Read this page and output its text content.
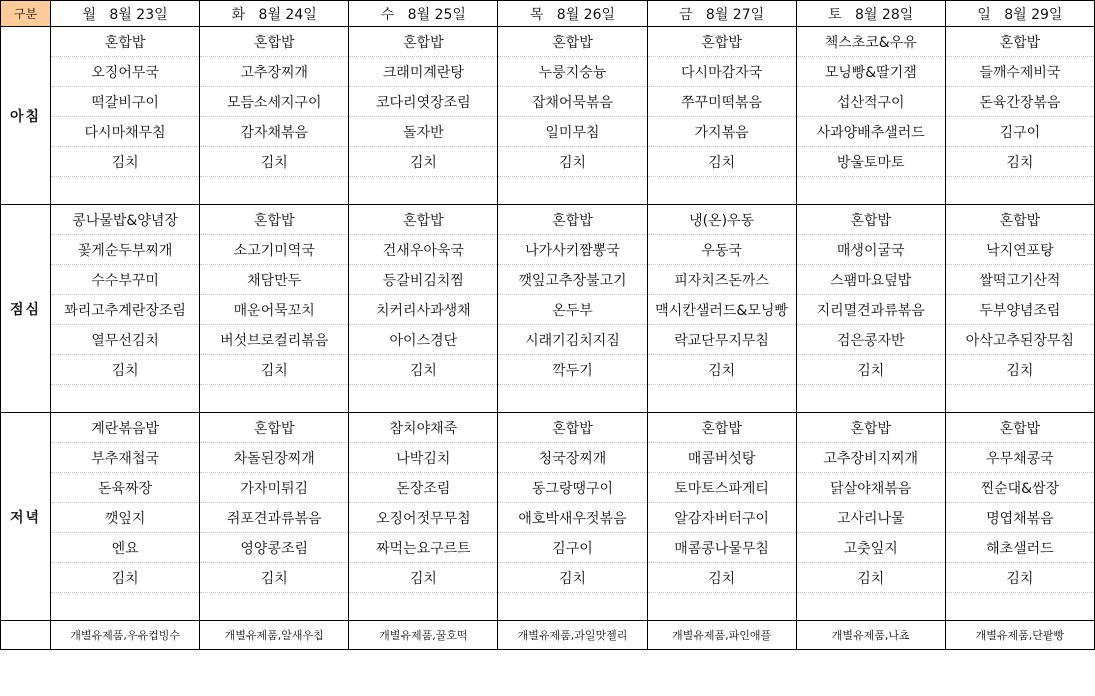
구분	월 8월 23일	화 8월 24일	수 8월 25일	목 8월 26일	금 8월 27일	토 8월 28일	일 8월 29일
아침	혼합밥	혼합밥	혼합밥	혼합밥	혼합밥	첵스초코&우유	혼합밥
	오징어무국	고추장찌개	크래미계란탕	누룽지숭늉	다시마감자국	모닝빵&딸기잼	들깨수제비국
	떡갈비구이	모듬소세지구이	코다리엿장조림	잡채어묵볶음	쭈꾸미떡볶음	섭산적구이	돈육간장볶음
	다시마채무침	감자채볶음	돌자반	일미무침	가지볶음	사과양배추샐러드	김구이
	김치	김치	김치	김치	김치	방울토마토	김치

점심	콩나물밥&양념장	혼합밥	혼합밥	혼합밥	냉(온)우동	혼합밥	혼합밥
	꽃게순두부찌개	소고기미역국	건새우아욱국	나가사키짬뽕국	우동국	매생이굴국	낙지연포탕
	수수부꾸미	채담만두	등갈비김치찜	깻잎고추장불고기	피자치즈돈까스	스팸마요덮밥	쌀떡고기산적
	꽈리고추계란장조림	매운어묵꼬치	치커리사과생채	온두부	맥시칸샐러드&모닝빵	지리멸견과류볶음	두부양념조림
	열무선김치	버섯브로컬리볶음	아이스경단	시래기김치지짐	락교단무지무침	검은콩자반	아삭고추된장무침
	김치	김치	김치	깍두기	김치	김치	김치

저녁	계란볶음밥	혼합밥	참치야채죽	혼합밥	혼합밥	혼합밥	혼합밥
	부추재첩국	차돌된장찌개	나박김치	청국장찌개	매콤버섯탕	고추장비지찌개	우무채콩국
	돈육짜장	가자미튀김	돈장조림	동그랑땡구이	토마토스파게티	닭살야채볶음	찐순대&쌈장
	깻잎지	쥐포견과류볶음	오징어젓무무침	애호박새우젓볶음	알감자버터구이	고사리나물	명엽채볶음
	엔요	영양콩조림	짜먹는요구르트	김구이	매콤콩나물무침	고춧잎지	해초샐러드
	김치	김치	김치	김치	김치	김치	김치

	개별유제품,우유컵빙수	개별유제품,알새우칩	개별유제품,꿀호떡	개별유제품,과일맛젤리	개별유제품,파인애플	개별유제품,나쵸	개별유제품,단팥빵
